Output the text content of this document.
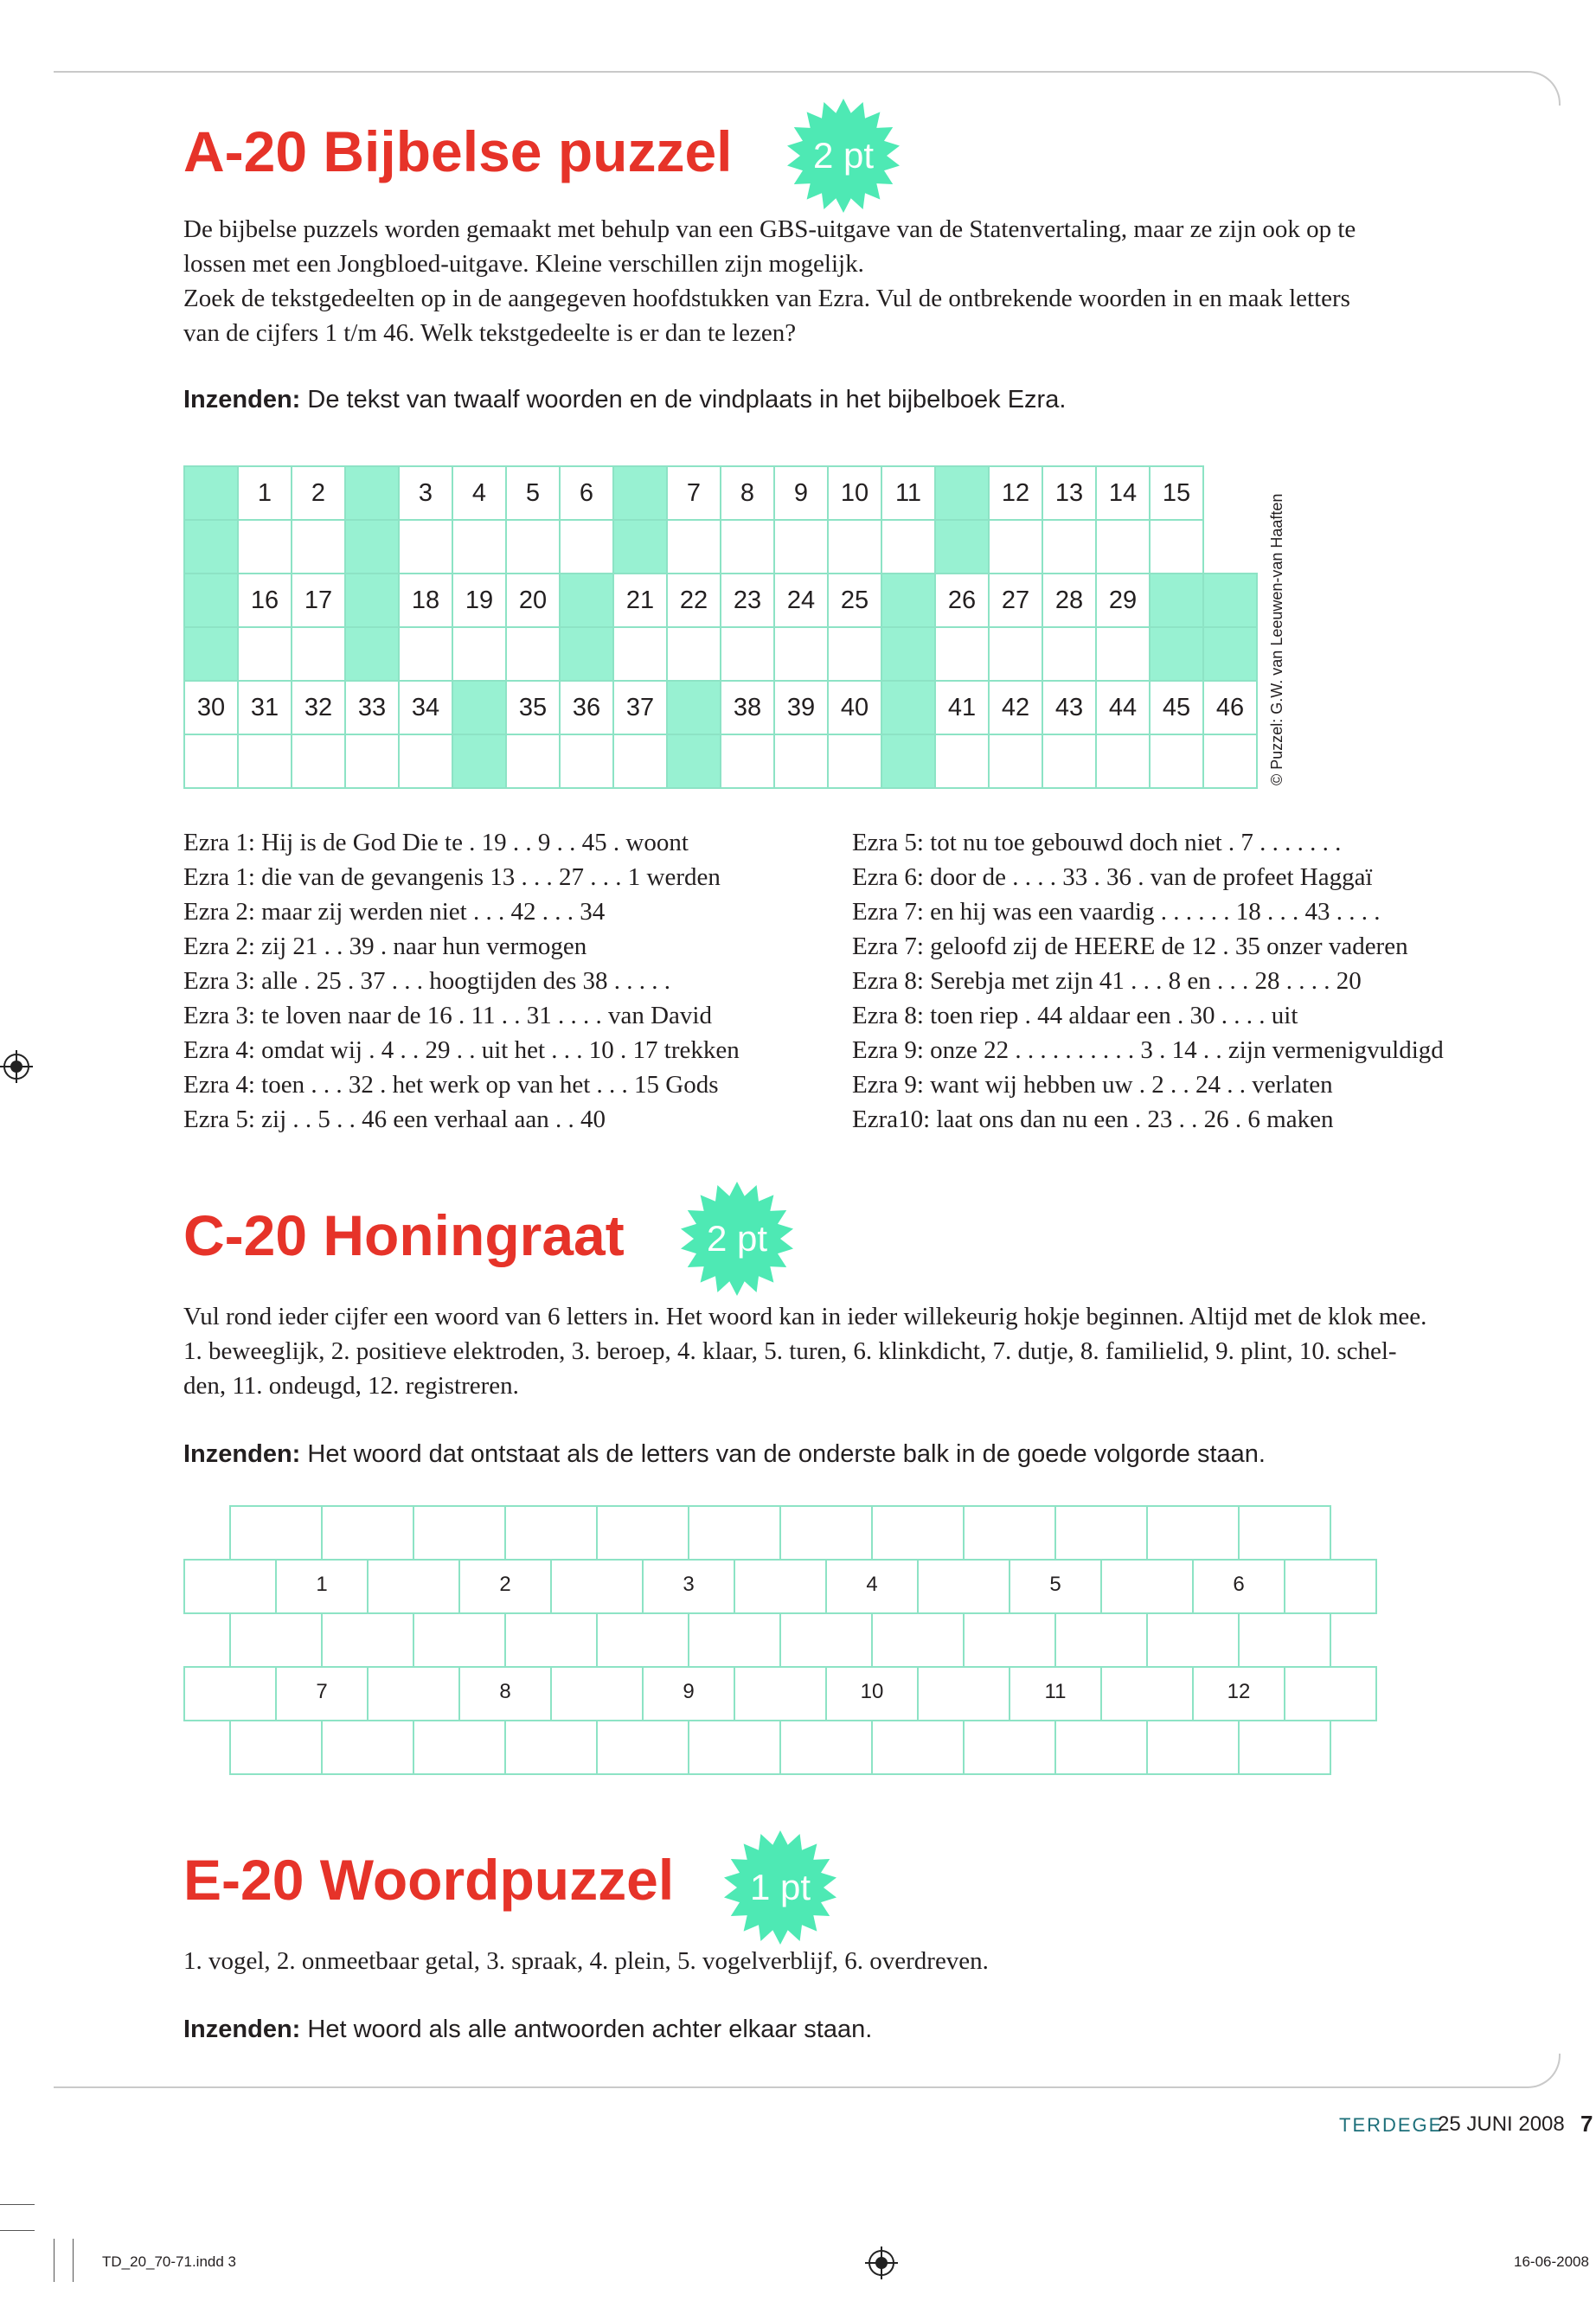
A-20 Bijbelse puzzel	2 pt
De bijbelse puzzels worden gemaakt met behulp van een GBS-uitgave van de Statenvertaling, maar ze zijn ook op te
lossen met een Jongbloed-uitgave. Kleine verschillen zijn mogelijk.
Zoek de tekstgedeelten op in de aangegeven hoofdstukken van Ezra. Vul de ontbrekende woorden in en maak letters
van de cijfers 1 t/m 46. Welk tekstgedeelte is er dan te lezen?
Inzenden: De tekst van twaalf woorden en de vindplaats in het bijbelboek Ezra.
	1	2		3	4	5	6		7	8	9	10	11		12	13	14	15		

	16	17		18	19	20		21	22	23	24	25		26	27	28	29			

30	31	32	33	34		35	36	37		38	39	40		41	42	43	44	45	46	
																				© Puzzel: G.W. van Leeuwen-van Haaften
Ezra 1: Hij is de God Die te . 19 . . 9 . . 45 . woont
Ezra 1: die van de gevangenis 13 . . . 27 . . . 1 werden
Ezra 2: maar zij werden niet . . . 42 . . . 34
Ezra 2: zij 21 . . 39 . naar hun vermogen
Ezra 3: alle . 25 . 37 . . . hoogtijden des 38 . . . . .
Ezra 3: te loven naar de 16 . 11 . . 31 . . . . van David
Ezra 4: omdat wij . 4 . . 29 . . uit het . . . 10 . 17 trekken
Ezra 4: toen . . . 32 . het werk op van het . . . 15 Gods
Ezra 5: zij . . 5 . . 46 een verhaal aan . . 40
Ezra 5: tot nu toe gebouwd doch niet . 7 . . . . . . .
Ezra 6: door de . . . . 33 . 36 . van de profeet Haggaï
Ezra 7: en hij was een vaardig . . . . . . 18 . . . 43 . . . .
Ezra 7: geloofd zij de HEERE de 12 . 35 onzer vaderen
Ezra 8: Serebja met zijn 41 . . . 8 en . . . 28 . . . . 20
Ezra 8: toen riep . 44 aldaar een . 30 . . . . uit
Ezra 9: onze 22 . . . . . . . . . . 3 . 14 . . zijn vermenigvuldigd
Ezra 9: want wij hebben uw . 2 . . 24 . . verlaten
Ezra10: laat ons dan nu een . 23 . . 26 . 6 maken
C-20 Honingraat	2 pt
Vul rond ieder cijfer een woord van 6 letters in. Het woord kan in ieder willekeurig hokje beginnen. Altijd met de klok mee.
1. beweeglijk, 2. positieve elektroden, 3. beroep, 4. klaar, 5. turen, 6. klinkdicht, 7. dutje, 8. familielid, 9. plint, 10. schel-
den, 11. ondeugd, 12. registreren.
Inzenden: Het woord dat ontstaat als de letters van de onderste balk in de goede volgorde staan.
1	2	3	4	5	6
7	8	9	10	11	12
E-20 Woordpuzzel	1 pt
1. vogel, 2. onmeetbaar getal, 3. spraak, 4. plein, 5. vogelverblijf, 6. overdreven.
Inzenden: Het woord als alle antwoorden achter elkaar staan.
TERDEGE
25 JUNI 2008 7
TD_20_70-71.indd 3	16-06-2008
